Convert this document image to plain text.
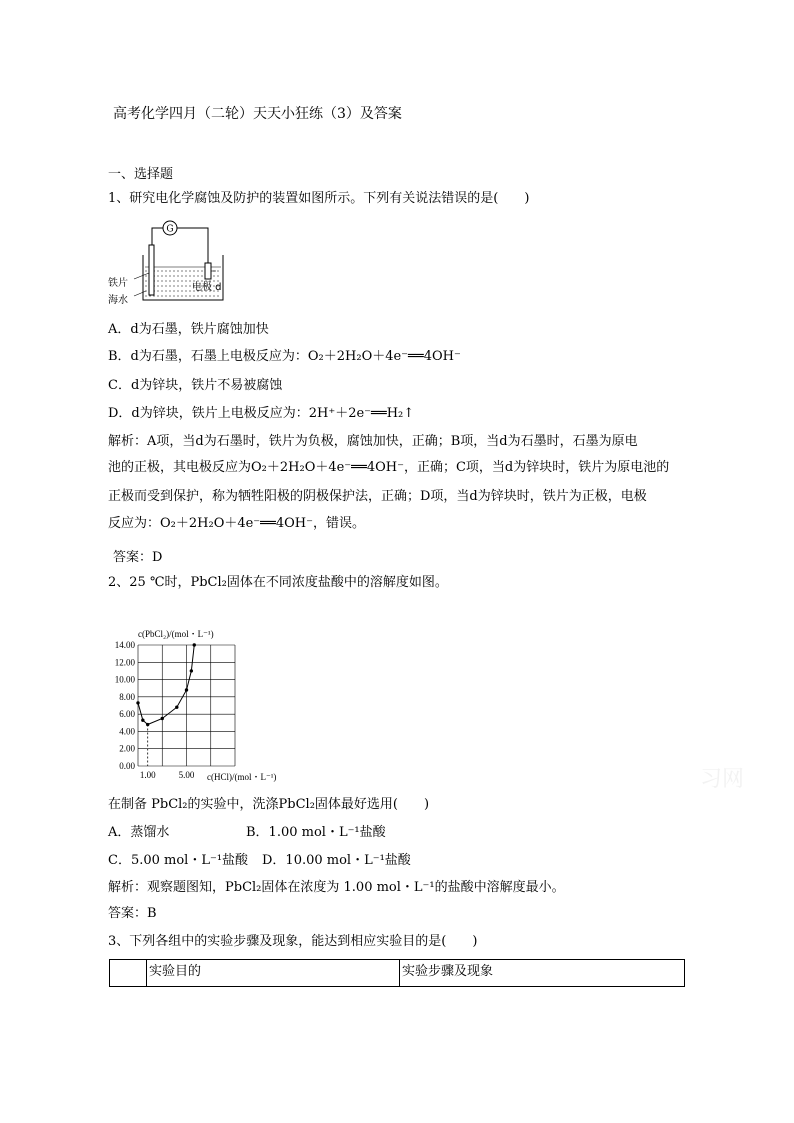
高考化学四月（二轮）天天小狂练（3）及答案
一、选择题
1、研究电化学腐蚀及防护的装置如图所示。下列有关说法错误的是(　　)
G
铁片
海水
电极 d
A．d为石墨，铁片腐蚀加快
B．d为石墨，石墨上电极反应为：O₂＋2H₂O＋4e⁻══4OH⁻
C．d为锌块，铁片不易被腐蚀
D．d为锌块，铁片上电极反应为：2H⁺＋2e⁻══H₂↑
解析：A项，当d为石墨时，铁片为负极，腐蚀加快，正确；B项，当d为石墨时，石墨为原电
池的正极，其电极反应为O₂＋2H₂O＋4e⁻══4OH⁻，正确；C项，当d为锌块时，铁片为原电池的
正极而受到保护，称为牺牲阳极的阴极保护法，正确；D项，当d为锌块时，铁片为正极，电极
反应为：O₂＋2H₂O＋4e⁻══4OH⁻，错误。
答案：D
2、25 ℃时，PbCl₂固体在不同浓度盐酸中的溶解度如图。
c(PbCl₂)/(mol・L⁻¹)
c(HCl)/(mol・L⁻¹)
14.00
12.00
10.00
8.00
6.00
4.00
2.00
0.00
1.00	5.00	习网
在制备 PbCl₂的实验中，洗涤PbCl₂固体最好选用(　　)
A．蒸馏水	B．1.00 mol・L⁻¹盐酸
C．5.00 mol・L⁻¹盐酸 D．10.00 mol・L⁻¹盐酸
解析：观察题图知，PbCl₂固体在浓度为 1.00 mol・L⁻¹的盐酸中溶解度最小。
答案：B
3、下列各组中的实验步骤及现象，能达到相应实验目的是(　　)
	实验目的	实验步骤及现象
